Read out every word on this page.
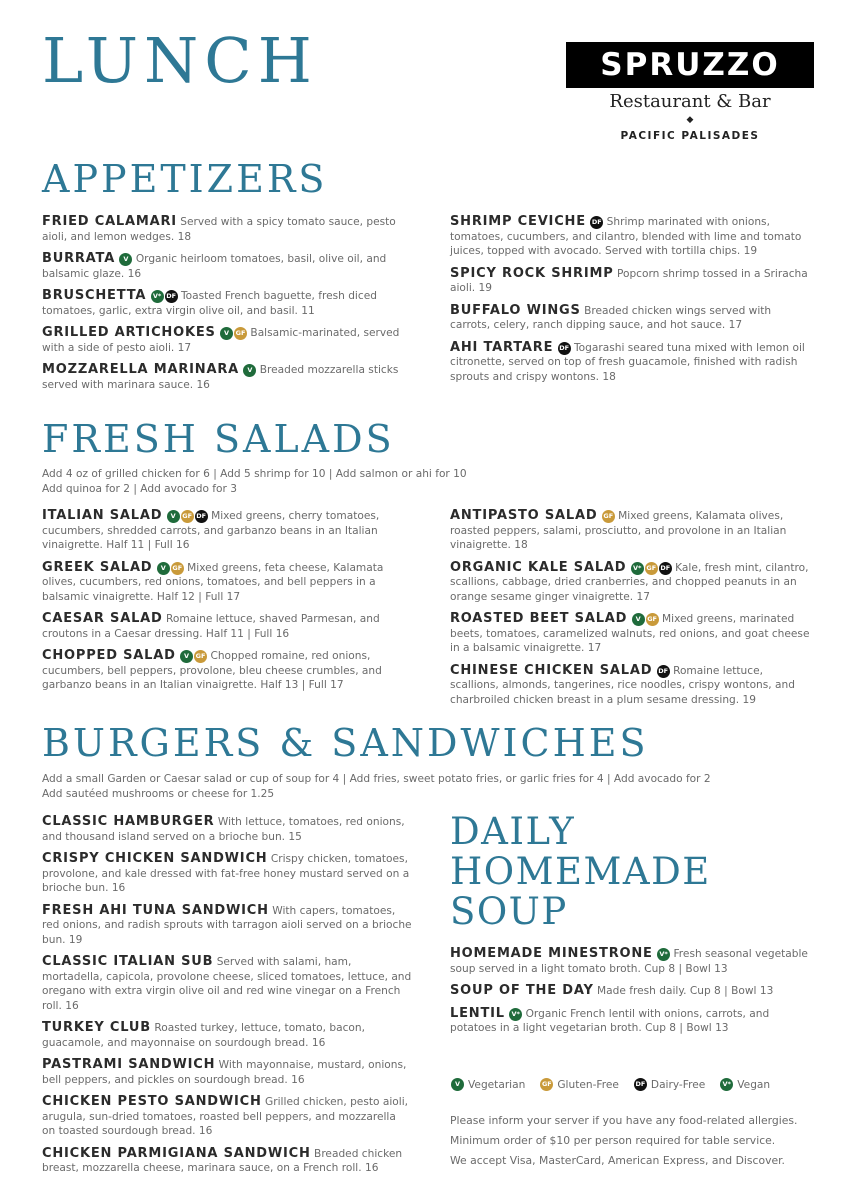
LUNCH	SPRUZZO
Restaurant & Bar
◆
PACIFIC PALISADES
APPETIZERS
FRIED CALAMARI Served with a spicy tomato sauce, pesto aioli, and lemon wedges. 18
BURRATA V Organic heirloom tomatoes, basil, olive oil, and balsamic glaze. 16
BRUSCHETTA V* DF Toasted French baguette, fresh diced tomatoes, garlic, extra virgin olive oil, and basil. 11
GRILLED ARTICHOKES V GF Balsamic-marinated, served with a side of pesto aioli. 17
MOZZARELLA MARINARA V Breaded mozzarella sticks served with marinara sauce. 16
SHRIMP CEVICHE DF Shrimp marinated with onions, tomatoes, cucumbers, and cilantro, blended with lime and tomato juices, topped with avocado. Served with tortilla chips. 19
SPICY ROCK SHRIMP Popcorn shrimp tossed in a Sriracha aioli. 19
BUFFALO WINGS Breaded chicken wings served with carrots, celery, ranch dipping sauce, and hot sauce. 17
AHI TARTARE DF Togarashi seared tuna mixed with lemon oil citronette, served on top of fresh guacamole, finished with radish sprouts and crispy wontons. 18
FRESH SALADS
Add 4 oz of grilled chicken for 6 | Add 5 shrimp for 10 | Add salmon or ahi for 10
Add quinoa for 2 | Add avocado for 3
ITALIAN SALAD V GF DF Mixed greens, cherry tomatoes, cucumbers, shredded carrots, and garbanzo beans in an Italian vinaigrette. Half 11 | Full 16
GREEK SALAD V GF Mixed greens, feta cheese, Kalamata olives, cucumbers, red onions, tomatoes, and bell peppers in a balsamic vinaigrette. Half 12 | Full 17
CAESAR SALAD Romaine lettuce, shaved Parmesan, and croutons in a Caesar dressing. Half 11 | Full 16
CHOPPED SALAD V GF Chopped romaine, red onions, cucumbers, bell peppers, provolone, bleu cheese crumbles, and garbanzo beans in an Italian vinaigrette. Half 13 | Full 17
ANTIPASTO SALAD GF Mixed greens, Kalamata olives, roasted peppers, salami, prosciutto, and provolone in an Italian vinaigrette. 18
ORGANIC KALE SALAD V* GF DF Kale, fresh mint, cilantro, scallions, cabbage, dried cranberries, and chopped peanuts in an orange sesame ginger vinaigrette. 17
ROASTED BEET SALAD V GF Mixed greens, marinated beets, tomatoes, caramelized walnuts, red onions, and goat cheese in a balsamic vinaigrette. 17
CHINESE CHICKEN SALAD DF Romaine lettuce, scallions, almonds, tangerines, rice noodles, crispy wontons, and charbroiled chicken breast in a plum sesame dressing. 19
BURGERS & SANDWICHES
Add a small Garden or Caesar salad or cup of soup for 4 | Add fries, sweet potato fries, or garlic fries for 4 | Add avocado for 2
Add sautéed mushrooms or cheese for 1.25
CLASSIC HAMBURGER With lettuce, tomatoes, red onions, and thousand island served on a brioche bun. 15
CRISPY CHICKEN SANDWICH Crispy chicken, tomatoes, provolone, and kale dressed with fat-free honey mustard served on a brioche bun. 16
FRESH AHI TUNA SANDWICH With capers, tomatoes, red onions, and radish sprouts with tarragon aioli served on a brioche bun. 19
CLASSIC ITALIAN SUB Served with salami, ham, mortadella, capicola, provolone cheese, sliced tomatoes, lettuce, and oregano with extra virgin olive oil and red wine vinegar on a French roll. 16
TURKEY CLUB Roasted turkey, lettuce, tomato, bacon, guacamole, and mayonnaise on sourdough bread. 16
PASTRAMI SANDWICH With mayonnaise, mustard, onions, bell peppers, and pickles on sourdough bread. 16
CHICKEN PESTO SANDWICH Grilled chicken, pesto aioli, arugula, sun-dried tomatoes, roasted bell peppers, and mozzarella on toasted sourdough bread. 16
CHICKEN PARMIGIANA SANDWICH Breaded chicken breast, mozzarella cheese, marinara sauce, on a French roll. 16
DAILY
HOMEMADE
SOUP
HOMEMADE MINESTRONE V* Fresh seasonal vegetable soup served in a light tomato broth. Cup 8 | Bowl 13
SOUP OF THE DAY Made fresh daily. Cup 8 | Bowl 13
LENTIL V* Organic French lentil with onions, carrots, and potatoes in a light vegetarian broth. Cup 8 | Bowl 13
V Vegetarian	GF Gluten-Free	DF Dairy-Free	V* Vegan
Please inform your server if you have any food-related allergies.
Minimum order of $10 per person required for table service.
We accept Visa, MasterCard, American Express, and Discover.
